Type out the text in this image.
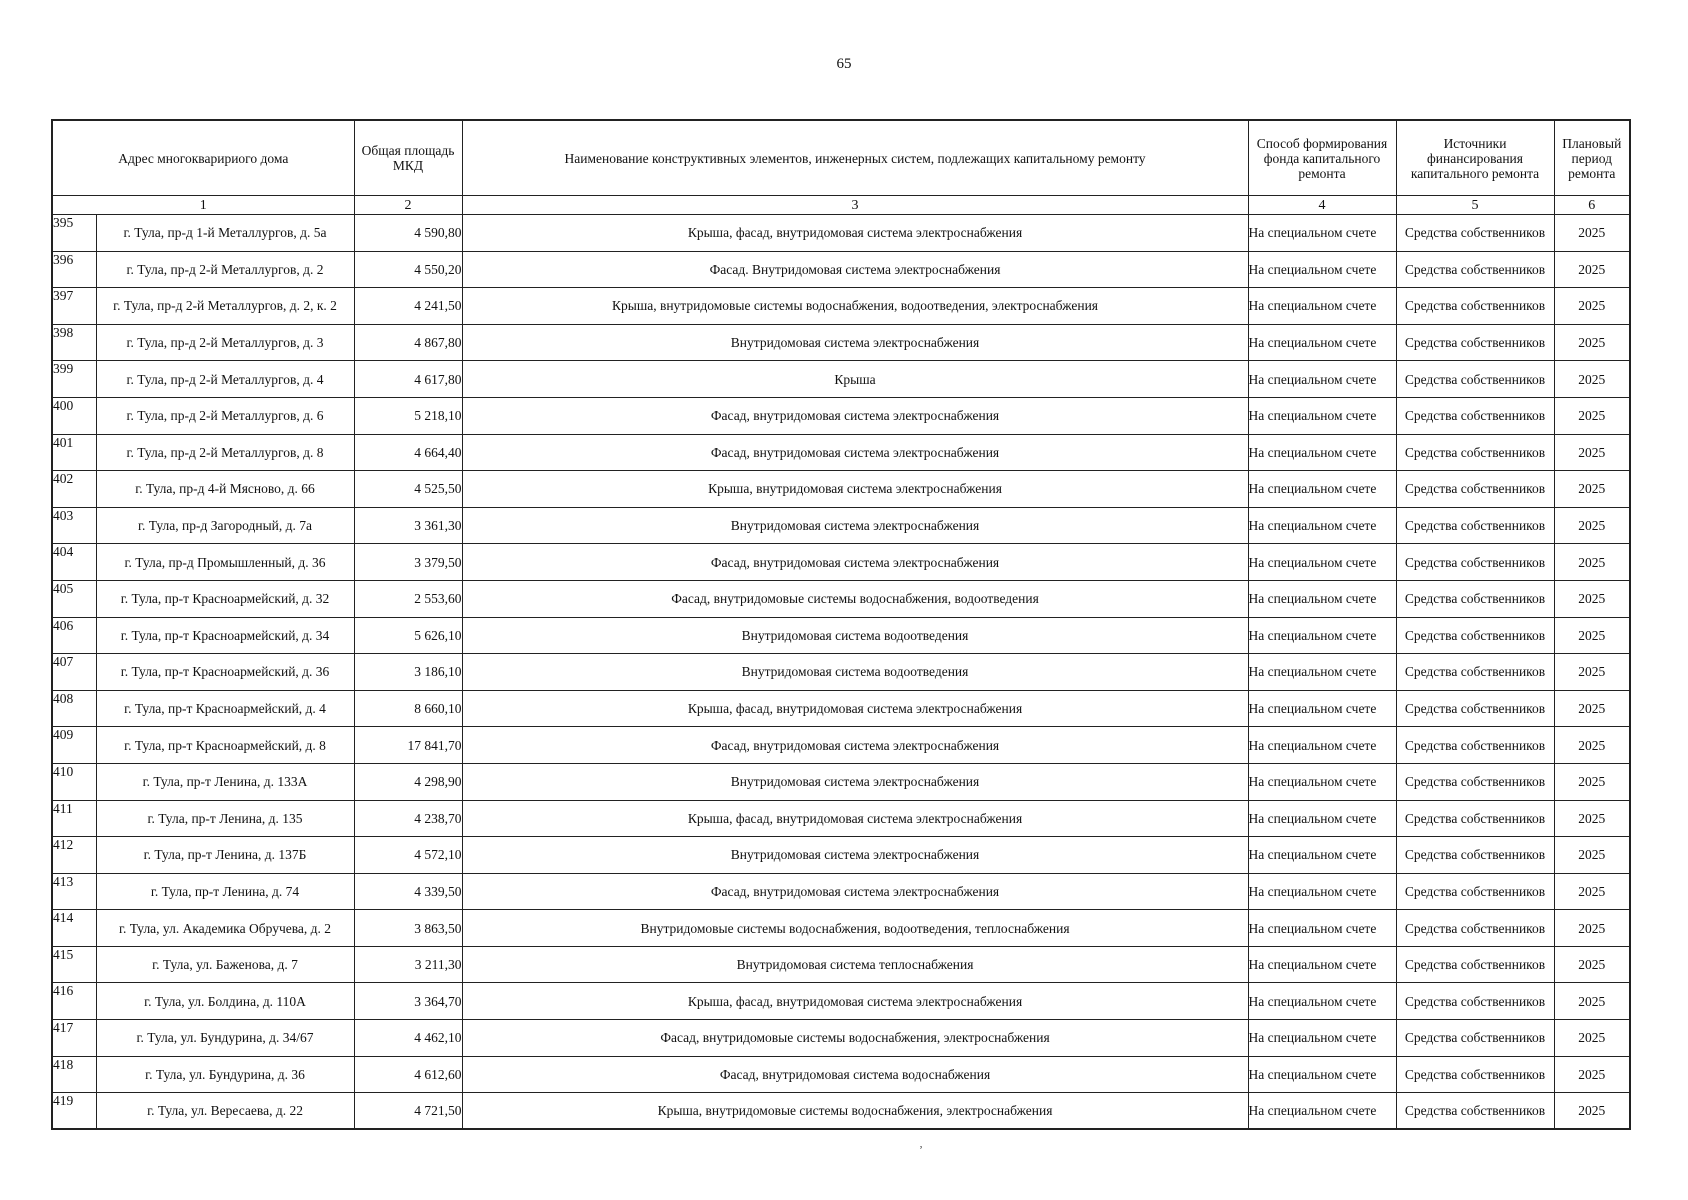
65
Адрес многокваририого дома		Общая площадь МКД	Наименование конструктивных элементов, инженерных систем, подлежащих капитальному ремонту	Способ формирования фонда капитального ремонта	Источники финансирования капитального ремонта	Плановый период ремонта
1		2	3	4	5	6
395	г. Тула, пр-д 1-й Металлургов, д. 5а	4 590,80	Крыша, фасад, внутридомовая система электроснабжения	На специальном счете	Средства собственников	2025
396	г. Тула, пр-д 2-й Металлургов, д. 2	4 550,20	Фасад. Внутридомовая система электроснабжения	На специальном счете	Средства собственников	2025
397	г. Тула, пр-д 2-й Металлургов, д. 2, к. 2	4 241,50	Крыша, внутридомовые системы водоснабжения, водоотведения, электроснабжения	На специальном счете	Средства собственников	2025
398	г. Тула, пр-д 2-й Металлургов, д. 3	4 867,80	Внутридомовая система электроснабжения	На специальном счете	Средства собственников	2025
399	г. Тула, пр-д 2-й Металлургов, д. 4	4 617,80	Крыша	На специальном счете	Средства собственников	2025
400	г. Тула, пр-д 2-й Металлургов, д. 6	5 218,10	Фасад, внутридомовая система электроснабжения	На специальном счете	Средства собственников	2025
401	г. Тула, пр-д 2-й Металлургов, д. 8	4 664,40	Фасад, внутридомовая система электроснабжения	На специальном счете	Средства собственников	2025
402	г. Тула, пр-д 4-й Мясново, д. 66	4 525,50	Крыша, внутридомовая система электроснабжения	На специальном счете	Средства собственников	2025
403	г. Тула, пр-д Загородный, д. 7а	3 361,30	Внутридомовая система электроснабжения	На специальном счете	Средства собственников	2025
404	г. Тула, пр-д Промышленный, д. 36	3 379,50	Фасад, внутридомовая система электроснабжения	На специальном счете	Средства собственников	2025
405	г. Тула, пр-т Красноармейский, д. 32	2 553,60	Фасад, внутридомовые системы водоснабжения, водоотведения	На специальном счете	Средства собственников	2025
406	г. Тула, пр-т Красноармейский, д. 34	5 626,10	Внутридомовая система водоотведения	На специальном счете	Средства собственников	2025
407	г. Тула, пр-т Красноармейский, д. 36	3 186,10	Внутридомовая система водоотведения	На специальном счете	Средства собственников	2025
408	г. Тула, пр-т Красноармейский, д. 4	8 660,10	Крыша, фасад, внутридомовая система электроснабжения	На специальном счете	Средства собственников	2025
409	г. Тула, пр-т Красноармейский, д. 8	17 841,70	Фасад, внутридомовая система электроснабжения	На специальном счете	Средства собственников	2025
410	г. Тула, пр-т Ленина, д. 133А	4 298,90	Внутридомовая система электроснабжения	На специальном счете	Средства собственников	2025
411	г. Тула, пр-т Ленина, д. 135	4 238,70	Крыша, фасад, внутридомовая система электроснабжения	На специальном счете	Средства собственников	2025
412	г. Тула, пр-т Ленина, д. 137Б	4 572,10	Внутридомовая система электроснабжения	На специальном счете	Средства собственников	2025
413	г. Тула, пр-т Ленина, д. 74	4 339,50	Фасад, внутридомовая система электроснабжения	На специальном счете	Средства собственников	2025
414	г. Тула, ул. Академика Обручева, д. 2	3 863,50	Внутридомовые системы водоснабжения, водоотведения, теплоснабжения	На специальном счете	Средства собственников	2025
415	г. Тула, ул. Баженова, д. 7	3 211,30	Внутридомовая система теплоснабжения	На специальном счете	Средства собственников	2025
416	г. Тула, ул. Болдина, д. 110А	3 364,70	Крыша, фасад, внутридомовая система электроснабжения	На специальном счете	Средства собственников	2025
417	г. Тула, ул. Бундурина, д. 34/67	4 462,10	Фасад, внутридомовые системы водоснабжения, электроснабжения	На специальном счете	Средства собственников	2025
418	г. Тула, ул. Бундурина, д. 36	4 612,60	Фасад, внутридомовая система водоснабжения	На специальном счете	Средства собственников	2025
419	г. Тула, ул. Вересаева, д. 22	4 721,50	Крыша, внутридомовые системы водоснабжения, электроснабжения	На специальном счете	Средства собственников	2025
ʼ
